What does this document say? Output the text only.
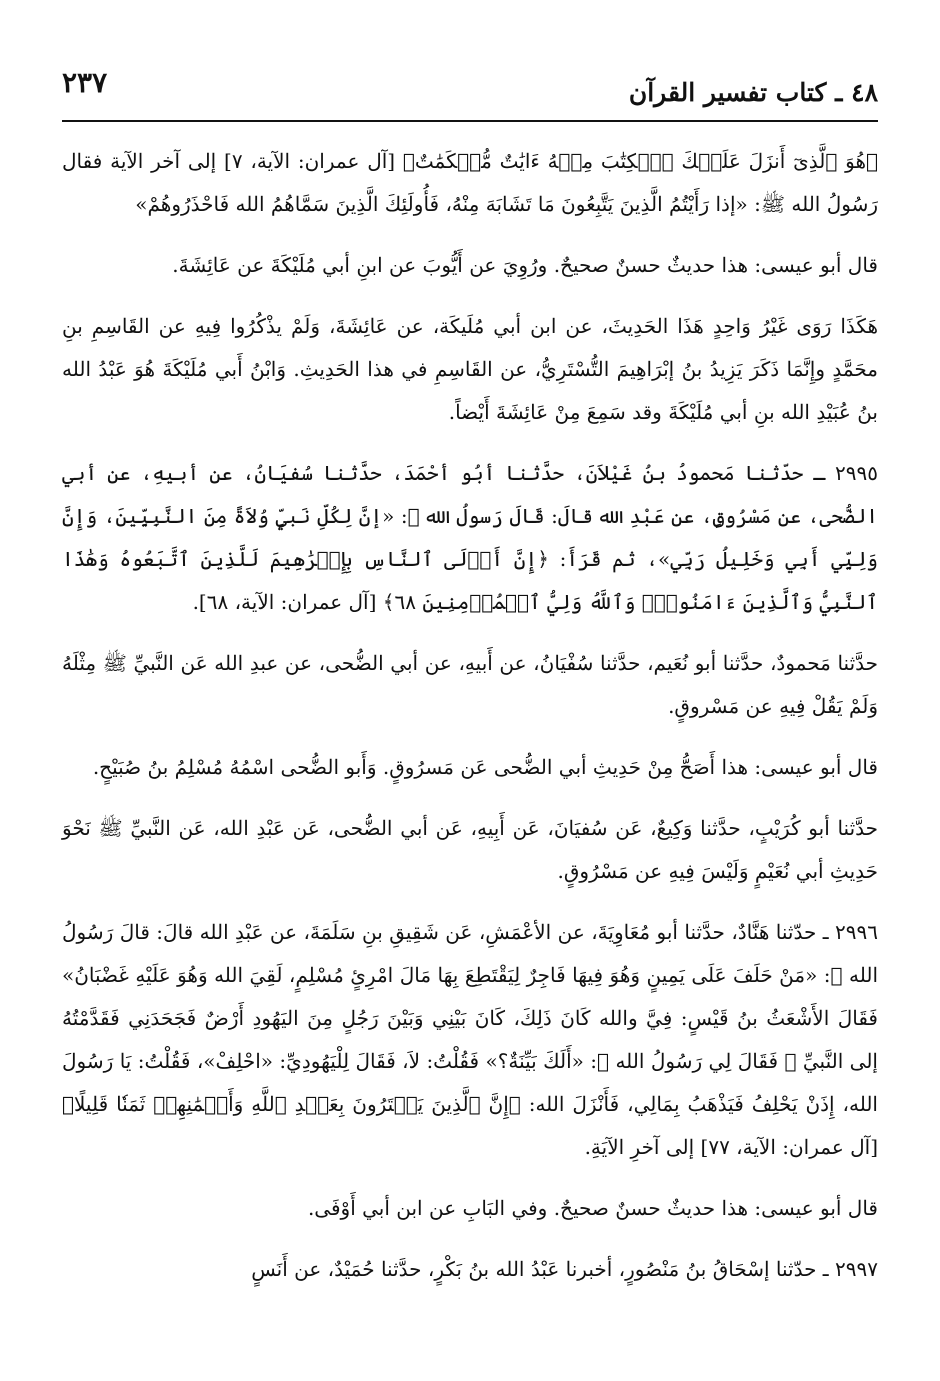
٢٣٧	٤٨ ـ كتاب تفسير القرآن

﴿هُوَ ٱلَّذِىٓ أَنزَلَ عَلَيۡكَ ٱلۡكِتَٰبَ مِنۡهُ ءَايَٰتٌ مُّحۡكَمَٰتٌ﴾ [آل عمران: الآية، ٧] إلى آخر الآية فقال رَسُولُ الله ﷺ: «إذا رَأَيْتُمُ الَّذِينَ يَتَّبِعُونَ مَا تَشَابَهَ مِنْهُ، فَأُولَئِكَ الَّذِينَ سَمَّاهُمُ الله فَاحْذَرُوهُمْ»

قال أبو عيسى: هذا حديثٌ حسنٌ صحيحٌ. ورُوِيَ عن أَيُّوبَ عن ابنِ أبي مُلَيْكَةَ عن عَائِشَةَ.

هَكَذَا رَوَى غَيْرُ وَاحِدٍ هَذَا الحَدِيثَ، عن ابن أبي مُلَيكَة، عن عَائِشَةَ، وَلَمْ يذْكُرُوا فِيهِ عن القَاسِمِ بنِ محَمَّدٍ وإِنَّمَا ذَكَرَ يَزِيدُ بنُ إبْرَاهِيمَ التُّسْتَرِيُّ، عن القَاسِمِ في هذا الحَدِيثِ. وَابْنُ أَبي مُلَيْكَةَ هُوَ عَبْدُ الله بنُ عُبَيْدِ الله بنِ أبي مُلَيْكَةَ وقد سَمِعَ مِنْ عَائِشَةَ أَيْضاً.

٢٩٩٥ ـ حدّثنا مَحمودُ بنُ غَيْلاَنَ، حدَّثنا أبُو أحْمَدَ، حدَّثنا سُفيَانُ، عن أبيهِ، عن أبي الضُّحى، عن مَسْرُوقٍ، عن عَبْدِ الله قالَ: قَالَ رَسولُ الله ﷺ: «إنَّ لِكُلِّ نَبيٍّ وُلاَةً مِنَ النَّبِيِّينَ، وَإِنَّ وَلِيِّي أَبِي وَخَلِيلُ رَبِّي»، ثم قَرَأَ: ﴿إِنَّ أَوۡلَى ٱلنَّاسِ بِإِبۡرَٰهِيمَ لَلَّذِينَ ٱتَّبَعُوهُ وَهَٰذَا ٱلنَّبِيُّ وَٱلَّذِينَ ءَامَنُواْۗ وَٱللَّهُ وَلِيُّ ٱلۡمُؤۡمِنِينَ ٦٨﴾ [آل عمران: الآية، ٦٨].

حدَّثنا مَحمودٌ، حدَّثنا أبو نُعَيم، حدَّثنا سُفْيَانُ، عن أَبيهِ، عن أبي الضُّحى، عن عبدِ الله عَن النَّبيِّ ﷺ مِثْلَهُ وَلَمْ يَقُلْ فِيهِ عن مَسْروقٍ.

قال أبو عيسى: هذا أَصَحُّ مِنْ حَدِيثِ أبي الضُّحى عَن مَسرُوقٍ. وَأَبو الضُّحى اسْمُهُ مُسْلِمُ بنُ صُبَيْحٍ.

حدَّثنا أبو كُرَيْبٍ، حدَّثنا وَكِيعٌ، عَن سُفيَانَ، عَن أَبِيهِ، عَن أبي الضُّحى، عَن عَبْدِ الله، عَن النَّبيِّ ﷺ نَحْوَ حَدِيثِ أبي نُعَيْمٍ وَلَيْسَ فِيهِ عن مَسْرُوقٍ.

٢٩٩٦ ـ حدّثنا هَنَّادٌ، حدَّثنا أبو مُعَاوِيَةَ، عن الأعْمَشِ، عَن شَقِيقِ بنِ سَلَمَةَ، عن عَبْدِ الله قالَ: قالَ رَسُولُ الله ﷺ: «مَنْ حَلَفَ عَلَى يَمِينٍ وَهُوَ فِيهَا فَاجِرٌ لِيَقْتَطِعَ بِهَا مَالَ امْرِئٍ مُسْلِمٍ، لَقِيَ الله وَهُوَ عَلَيْهِ غَضْبَانُ» فَقَالَ الأَشْعَثُ بنُ قَيْسٍ: فِيَّ والله كَانَ ذَلِكَ، كَانَ بَيْنِي وَبَيْنَ رَجُلٍ مِنَ اليَهُودِ أَرْضٌ فَجَحَدَنِي فَقَدَّمْتُهُ إلى النَّبيِّ ﷺ فَقَالَ لِي رَسُولُ الله ﷺ: «أَلَكَ بَيِّنَةٌ؟» فَقُلْتُ: لاَ، فَقَالَ لِلْيَهُودِيِّ: «احْلِفْ»، فَقُلْتُ: يَا رَسُولَ الله، إِذَنْ يَحْلِفُ فَيَذْهَبُ بِمَالِي، فَأَنْزَلَ الله: ﴿إِنَّ ٱلَّذِينَ يَشۡتَرُونَ بِعَهۡدِ ٱللَّهِ وَأَيۡمَٰنِهِمۡ ثَمَنٗا قَلِيلًا﴾ [آل عمران: الآية، ٧٧] إلى آخرِ الآيَةِ.

قال أبو عيسى: هذا حديثٌ حسنٌ صحيحٌ. وفي البَابِ عن ابن أبي أَوْفَى.

٢٩٩٧ ـ حدّثنا إسْحَاقُ بنُ مَنْصُورٍ، أخبرنا عَبْدُ الله بنُ بَكْرٍ، حدَّثنا حُمَيْدٌ، عن أَنَسٍ
